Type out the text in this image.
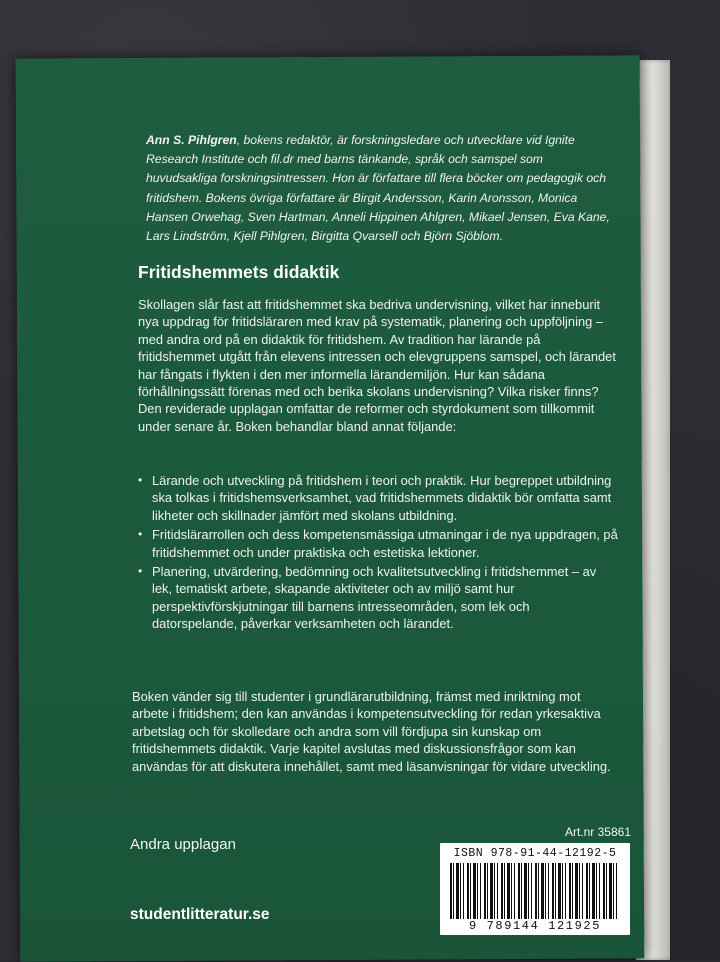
Ann S. Pihlgren, bokens redaktör, är forskningsledare och utvecklare vid Ignite Research Institute och fil.dr med barns tänkande, språk och samspel som huvudsakliga forskningsintressen. Hon är författare till flera böcker om pedagogik och fritidshem. Bokens övriga författare är Birgit Andersson, Karin Aronsson, Monica Hansen Orwehag, Sven Hartman, Anneli Hippinen Ahlgren, Mikael Jensen, Eva Kane, Lars Lindström, Kjell Pihlgren, Birgitta Qvarsell och Björn Sjöblom.

Fritidshemmets didaktik

Skollagen slår fast att fritidshemmet ska bedriva undervisning, vilket har inneburit nya uppdrag för fritidsläraren med krav på systematik, planering och uppföljning – med andra ord på en didaktik för fritidshem. Av tradition har lärande på fritidshemmet utgått från elevens intressen och elevgruppens samspel, och lärandet har fångats i flykten i den mer informella lärandemiljön. Hur kan sådana förhållningssätt förenas med och berika skolans undervisning? Vilka risker finns? Den reviderade upplagan omfattar de reformer och styrdokument som tillkommit under senare år. Boken behandlar bland annat följande:

• Lärande och utveckling på fritidshem i teori och praktik. Hur begreppet utbildning ska tolkas i fritidshemsverksamhet, vad fritidshemmets didaktik bör omfatta samt likheter och skillnader jämfört med skolans utbildning.
• Fritidslärarrollen och dess kompetensmässiga utmaningar i de nya uppdragen, på fritidshemmet och under praktiska och estetiska lektioner.
• Planering, utvärdering, bedömning och kvalitetsutveckling i fritidshemmet – av lek, tematiskt arbete, skapande aktiviteter och av miljö samt hur perspektivförskjutningar till barnens intresseområden, som lek och datorspelande, påverkar verksamheten och lärandet.

Boken vänder sig till studenter i grundlärarutbildning, främst med inriktning mot arbete i fritidshem; den kan användas i kompetensutveckling för redan yrkesaktiva arbetslag och för skolledare och andra som vill fördjupa sin kunskap om fritidshemmets didaktik. Varje kapitel avslutas med diskussionsfrågor som kan användas för att diskutera innehållet, samt med läsanvisningar för vidare utveckling.

Andra upplagan
Art.nr 35861
ISBN 978-91-44-12192-5
9 789144 121925
studentlitteratur.se
